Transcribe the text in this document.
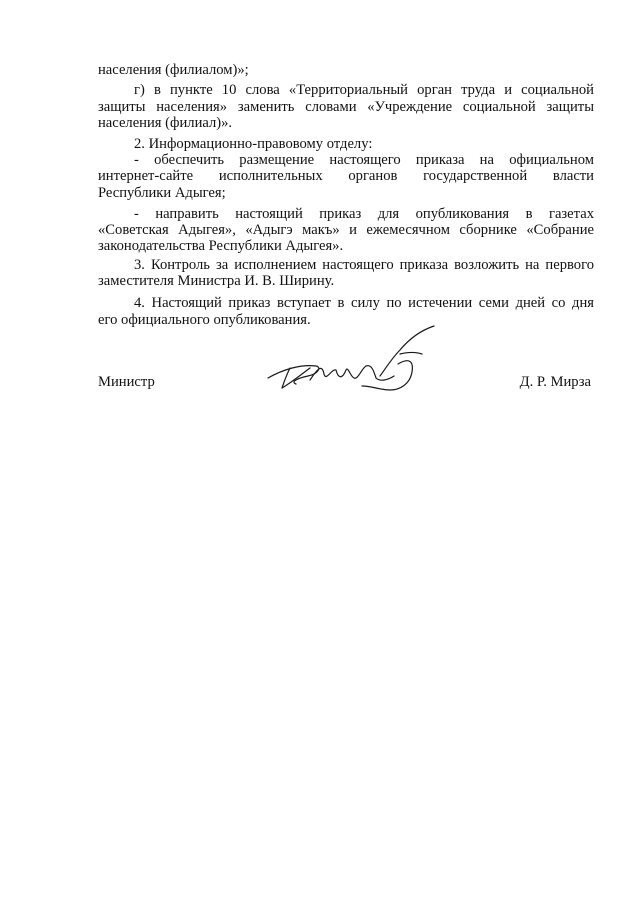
населения (филиалом)»;
г) в пункте 10 слова «Территориальный орган труда и социальной
защиты населения» заменить словами «Учреждение социальной защиты
населения (филиал)».
2. Информационно-правовому отделу:
- обеспечить размещение настоящего приказа на официальном
интернет-сайте исполнительных органов государственной власти
Республики Адыгея;
- направить настоящий приказ для опубликования в газетах
«Советская Адыгея», «Адыгэ макъ» и ежемесячном сборнике «Собрание
законодательства Республики Адыгея».
3. Контроль за исполнением настоящего приказа возложить на первого
заместителя Министра И. В. Ширину.
4. Настоящий приказ вступает в силу по истечении семи дней со дня
его официального опубликования.
Министр	Д. Р. Мирза
